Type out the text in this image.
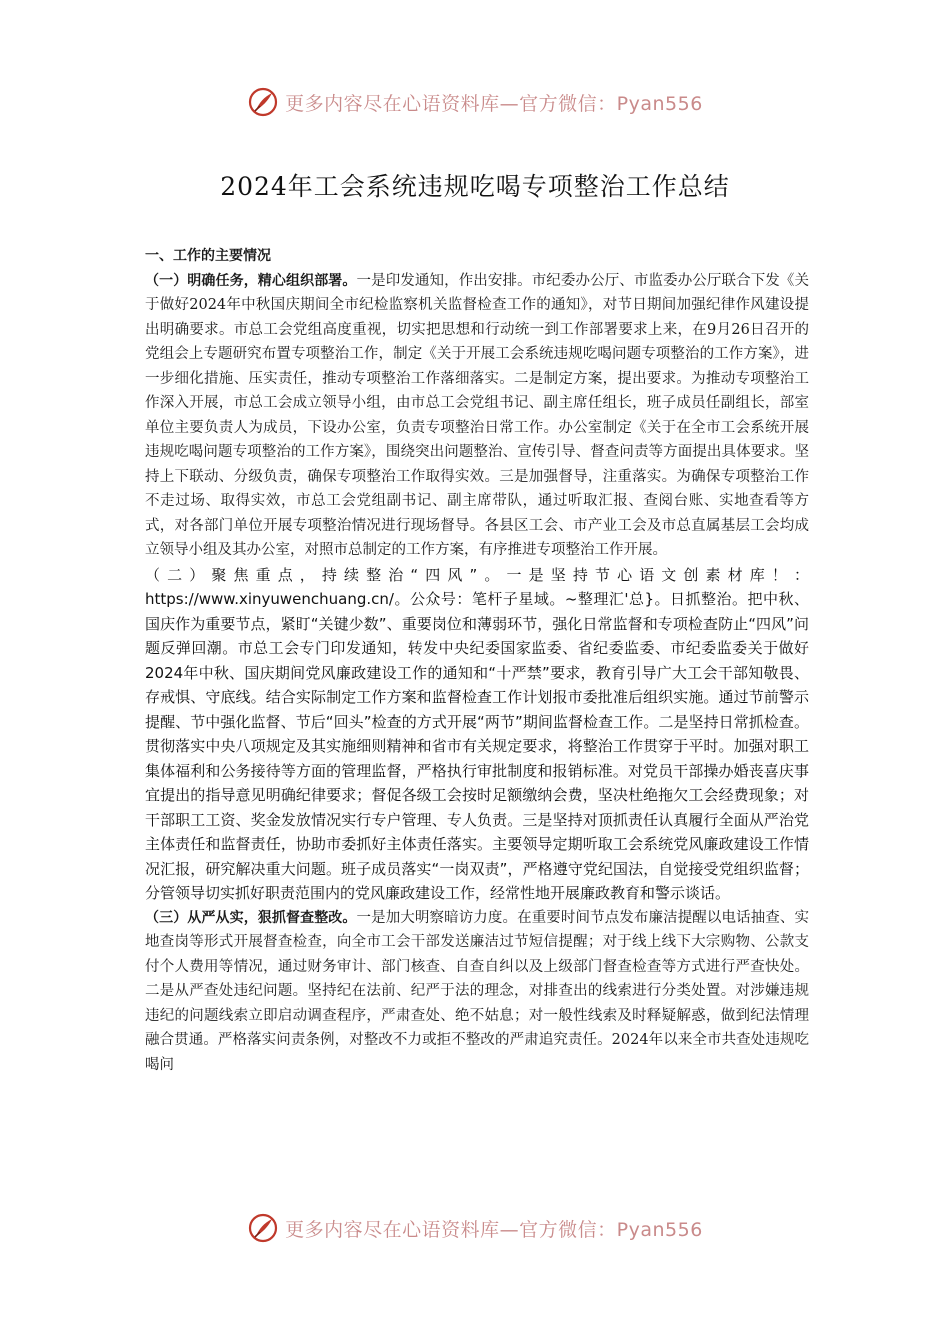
更多内容尽在心语资料库—官方微信：Pyan556
2024年工会系统违规吃喝专项整治工作总结

一、工作的主要情况

（一）明确任务，精心组织部署。一是印发通知，作出安排。市纪委办公厅、市监委办公厅联合下发《关于做好2024年中秋国庆期间全市纪检监察机关监督检查工作的通知》，对节日期间加强纪律作风建设提出明确要求。市总工会党组高度重视，切实把思想和行动统一到工作部署要求上来，在9月26日召开的党组会上专题研究布置专项整治工作，制定《关于开展工会系统违规吃喝问题专项整治的工作方案》，进一步细化措施、压实责任，推动专项整治工作落细落实。二是制定方案，提出要求。为推动专项整治工作深入开展，市总工会成立领导小组，由市总工会党组书记、副主席任组长，班子成员任副组长，部室单位主要负责人为成员，下设办公室，负责专项整治日常工作。办公室制定《关于在全市工会系统开展违规吃喝问题专项整治的工作方案》，围绕突出问题整治、宣传引导、督查问责等方面提出具体要求。坚持上下联动、分级负责，确保专项整治工作取得实效。三是加强督导，注重落实。为确保专项整治工作不走过场、取得实效，市总工会党组副书记、副主席带队，通过听取汇报、查阅台账、实地查看等方式，对各部门单位开展专项整治情况进行现场督导。各县区工会、市产业工会及市总直属基层工会均成立领导小组及其办公室，对照市总制定的工作方案，有序推进专项整治工作开展。

（二）聚焦重点，持续整治“四风”。一是坚持节心语文创素材库！：https://www.xinyuwenchuang.cn/。公众号：笔杆子星域。~整理汇'总}。日抓整治。把中秋、国庆作为重要节点，紧盯“关键少数”、重要岗位和薄弱环节，强化日常监督和专项检查防止“四风”问题反弹回潮。市总工会专门印发通知，转发中央纪委国家监委、省纪委监委、市纪委监委关于做好2024年中秋、国庆期间党风廉政建设工作的通知和“十严禁”要求，教育引导广大工会干部知敬畏、存戒惧、守底线。结合实际制定工作方案和监督检查工作计划报市委批准后组织实施。通过节前警示提醒、节中强化监督、节后“回头”检查的方式开展“两节”期间监督检查工作。二是坚持日常抓检查。贯彻落实中央八项规定及其实施细则精神和省市有关规定要求，将整治工作贯穿于平时。加强对职工集体福利和公务接待等方面的管理监督，严格执行审批制度和报销标准。对党员干部操办婚丧喜庆事宜提出的指导意见明确纪律要求；督促各级工会按时足额缴纳会费，坚决杜绝拖欠工会经费现象；对干部职工工资、奖金发放情况实行专户管理、专人负责。三是坚持对顶抓责任认真履行全面从严治党主体责任和监督责任，协助市委抓好主体责任落实。主要领导定期听取工会系统党风廉政建设工作情况汇报，研究解决重大问题。班子成员落实“一岗双责”，严格遵守党纪国法，自觉接受党组织监督；分管领导切实抓好职责范围内的党风廉政建设工作，经常性地开展廉政教育和警示谈话。

（三）从严从实，狠抓督查整改。一是加大明察暗访力度。在重要时间节点发布廉洁提醒以电话抽查、实地查岗等形式开展督查检查，向全市工会干部发送廉洁过节短信提醒；对于线上线下大宗购物、公款支付个人费用等情况，通过财务审计、部门核查、自查自纠以及上级部门督查检查等方式进行严查快处。二是从严查处违纪问题。坚持纪在法前、纪严于法的理念，对排查出的线索进行分类处置。对涉嫌违规违纪的问题线索立即启动调查程序，严肃查处、绝不姑息；对一般性线索及时释疑解惑，做到纪法情理融合贯通。严格落实问责条例，对整改不力或拒不整改的严肃追究责任。2024年以来全市共查处违规吃喝问

更多内容尽在心语资料库—官方微信：Pyan556
